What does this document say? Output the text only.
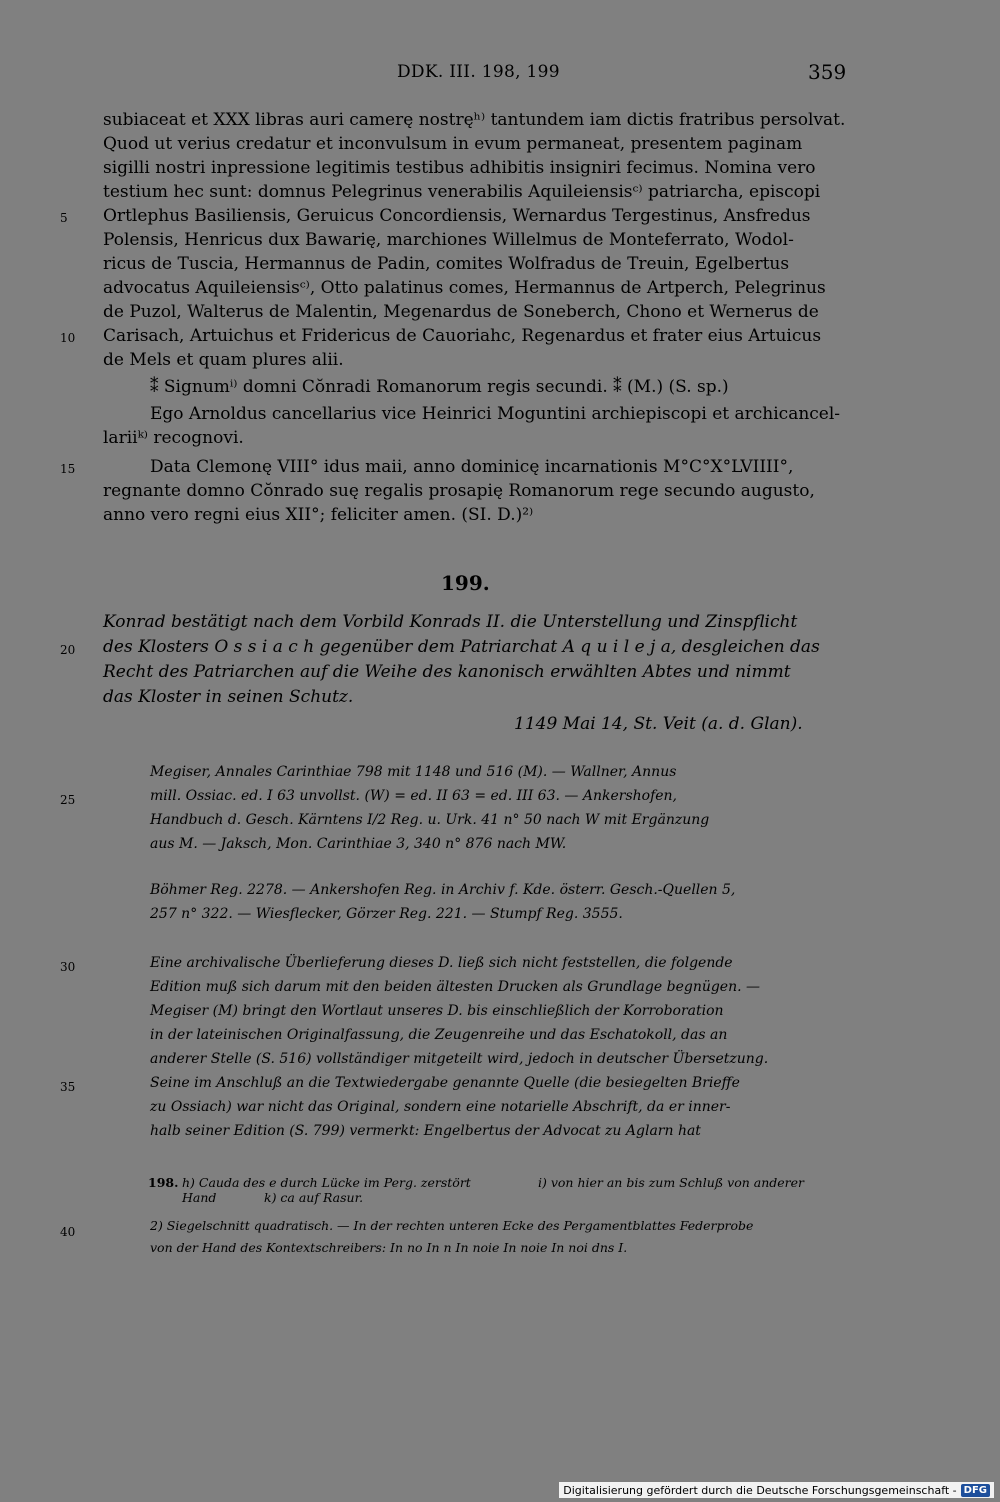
DDK. III. 198, 199	359
subiaceat et XXX libras auri camerę nostręʰ⁾ tantundem iam dictis fratribus persolvat.
Quod ut verius credatur et inconvulsum in evum permaneat, presentem paginam
sigilli nostri inpressione legitimis testibus adhibitis insigniri fecimus. Nomina vero
testium hec sunt: domnus Pelegrinus venerabilis Aquileiensisᶜ⁾ patriarcha, episcopi
Ortlephus Basiliensis, Geruicus Concordiensis, Wernardus Tergestinus, Ansfredus
Polensis, Henricus dux Bawarię, marchiones Willelmus de Monteferrato, Wodol-
ricus de Tuscia, Hermannus de Padin, comites Wolfradus de Treuin, Egelbertus
advocatus Aquileiensisᶜ⁾, Otto palatinus comes, Hermannus de Artperch, Pelegrinus
de Puzol, Walterus de Malentin, Megenardus de Soneberch, Chono et Wernerus de
Carisach, Artuichus et Fridericus de Cauoriahc, Regenardus et frater eius Artuicus
de Mels et quam plures alii.
⁑ Signumⁱ⁾ domni Cŏnradi Romanorum regis secundi. ⁑ (M.) (S. sp.)
Ego Arnoldus cancellarius vice Heinrici Moguntini archiepiscopi et archicancel-
lariiᵏ⁾ recognovi.
Data Clemonę VIII° idus maii, anno dominicę incarnationis M°C°X°LVIIII°,
regnante domno Cŏnrado suę regalis prosapię Romanorum rege secundo augusto,
anno vero regni eius XII°; feliciter amen. (SI. D.)²⁾
199.
Konrad bestätigt nach dem Vorbild Konrads II. die Unterstellung und Zinspflicht
des Klosters O s s i a c h gegenüber dem Patriarchat A q u i l e j a, desgleichen das
Recht des Patriarchen auf die Weihe des kanonisch erwählten Abtes und nimmt
das Kloster in seinen Schutz.
1149 Mai 14, St. Veit (a. d. Glan).
Megiser, Annales Carinthiae 798 mit 1148 und 516 (M). — Wallner, Annus
mill. Ossiac. ed. I 63 unvollst. (W) = ed. II 63 = ed. III 63. — Ankershofen,
Handbuch d. Gesch. Kärntens I/2 Reg. u. Urk. 41 n° 50 nach W mit Ergänzung
aus M. — Jaksch, Mon. Carinthiae 3, 340 n° 876 nach MW.
Böhmer Reg. 2278. — Ankershofen Reg. in Archiv f. Kde. österr. Gesch.-Quellen 5,
257 n° 322. — Wiesflecker, Görzer Reg. 221. — Stumpf Reg. 3555.
Eine archivalische Überlieferung dieses D. ließ sich nicht feststellen, die folgende
Edition muß sich darum mit den beiden ältesten Drucken als Grundlage begnügen. —
Megiser (M) bringt den Wortlaut unseres D. bis einschließlich der Korroboration
in der lateinischen Originalfassung, die Zeugenreihe und das Eschatokoll, das an
anderer Stelle (S. 516) vollständiger mitgeteilt wird, jedoch in deutscher Übersetzung.
Seine im Anschluß an die Textwiedergabe genannte Quelle (die besiegelten Brieffe
zu Ossiach) war nicht das Original, sondern eine notarielle Abschrift, da er inner-
halb seiner Edition (S. 799) vermerkt: Engelbertus der Advocat zu Aglarn hat
198. h) Cauda des e durch Lücke im Perg. zerstört	i) von hier an bis zum Schluß von anderer
Hand	k) ca auf Rasur.
2) Siegelschnitt quadratisch. — In der rechten unteren Ecke des Pergamentblattes Federprobe
von der Hand des Kontextschreibers: In no In n In noie In noie In noi dns I.
5
10
15
20
25
30
35
40
Digitalisierung gefördert durch die Deutsche Forschungsgemeinschaft - DFG
